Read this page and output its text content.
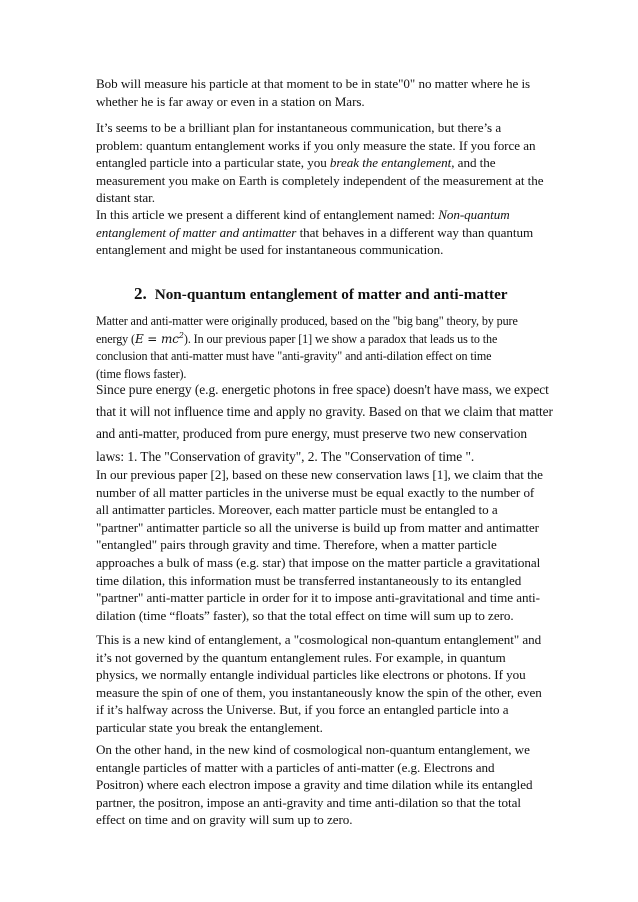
Bob will measure his particle at that moment to be in state"0" no matter where he is
whether he is far away or even in a station on Mars.
It’s seems to be a brilliant plan for instantaneous communication, but there’s a
problem: quantum entanglement works if you only measure the state. If you force an
entangled particle into a particular state, you break the entanglement, and the
measurement you make on Earth is completely independent of the measurement at the
distant star.
In this article we present a different kind of entanglement named: Non-quantum
entanglement of matter and antimatter that behaves in a different way than quantum
entanglement and might be used for instantaneous communication.
2. Non-quantum entanglement of matter and anti-matter
Matter and anti-matter were originally produced, based on the "big bang" theory, by pure
energy $(E = mc^2)$. In our previous paper [1] we show a paradox that leads us to the
conclusion that anti-matter must have "anti-gravity" and anti-dilation effect on time
(time flows faster).
Since pure energy (e.g. energetic photons in free space) doesn't have mass, we expect
that it will not influence time and apply no gravity. Based on that we claim that matter
and anti-matter, produced from pure energy, must preserve two new conservation
laws: 1. The "Conservation of gravity", 2. The "Conservation of time ".
In our previous paper [2], based on these new conservation laws [1], we claim that the
number of all matter particles in the universe must be equal exactly to the number of
all antimatter particles. Moreover, each matter particle must be entangled to a
"partner" antimatter particle so all the universe is build up from matter and antimatter
"entangled" pairs through gravity and time. Therefore, when a matter particle
approaches a bulk of mass (e.g. star) that impose on the matter particle a gravitational
time dilation, this information must be transferred instantaneously to its entangled
"partner" anti-matter particle in order for it to impose anti-gravitational and time anti-
dilation (time “floats” faster), so that the total effect on time will sum up to zero.
This is a new kind of entanglement, a "cosmological non-quantum entanglement" and
it’s not governed by the quantum entanglement rules. For example, in quantum
physics, we normally entangle individual particles like electrons or photons. If you
measure the spin of one of them, you instantaneously know the spin of the other, even
if it’s halfway across the Universe. But, if you force an entangled particle into a
particular state you break the entanglement.
On the other hand, in the new kind of cosmological non-quantum entanglement, we
entangle particles of matter with a particles of anti-matter (e.g. Electrons and
Positron) where each electron impose a gravity and time dilation while its entangled
partner, the positron, impose an anti-gravity and time anti-dilation so that the total
effect on time and on gravity will sum up to zero.
